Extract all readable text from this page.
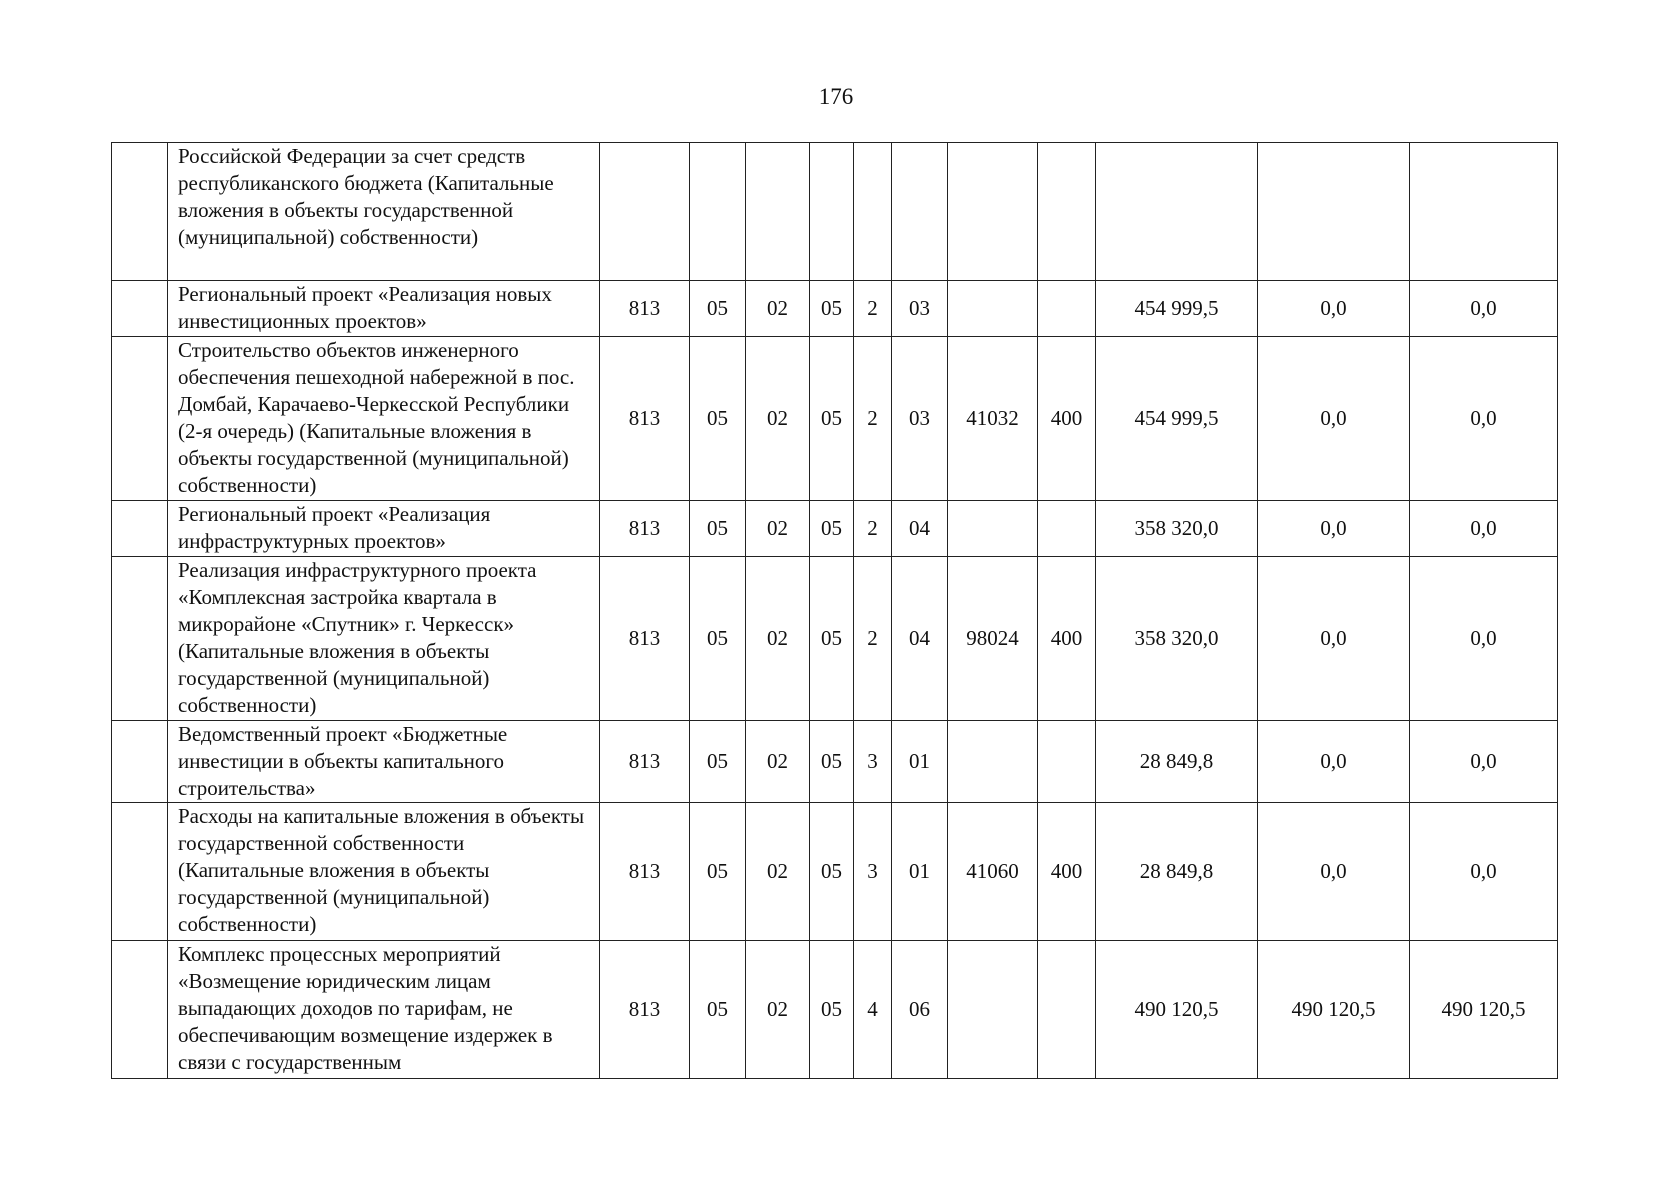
176
	Российской Федерации за счет средств республиканского бюджета (Капитальные вложения в объекты государственной (муниципальной) собственности)											
	Региональный проект «Реализация новых инвестиционных проектов»	813	05	02	05	2	03			454 999,5	0,0	0,0
	Строительство объектов инженерного обеспечения пешеходной набережной в пос. Домбай, Карачаево-Черкесской Республики (2-я очередь) (Капитальные вложения в объекты государственной (муниципальной) собственности)	813	05	02	05	2	03	41032	400	454 999,5	0,0	0,0
	Региональный проект «Реализация инфраструктурных проектов»	813	05	02	05	2	04			358 320,0	0,0	0,0
	Реализация инфраструктурного проекта «Комплексная застройка квартала в микрорайоне «Спутник» г. Черкесск» (Капитальные вложения в объекты государственной (муниципальной) собственности)	813	05	02	05	2	04	98024	400	358 320,0	0,0	0,0
	Ведомственный проект «Бюджетные инвестиции в объекты капитального строительства»	813	05	02	05	3	01			28 849,8	0,0	0,0
	Расходы на капитальные вложения в объекты государственной собственности (Капитальные вложения в объекты государственной (муниципальной) собственности)	813	05	02	05	3	01	41060	400	28 849,8	0,0	0,0
	Комплекс процессных мероприятий «Возмещение юридическим лицам выпадающих доходов по тарифам, не обеспечивающим возмещение издержек в связи с государственным	813	05	02	05	4	06			490 120,5	490 120,5	490 120,5
